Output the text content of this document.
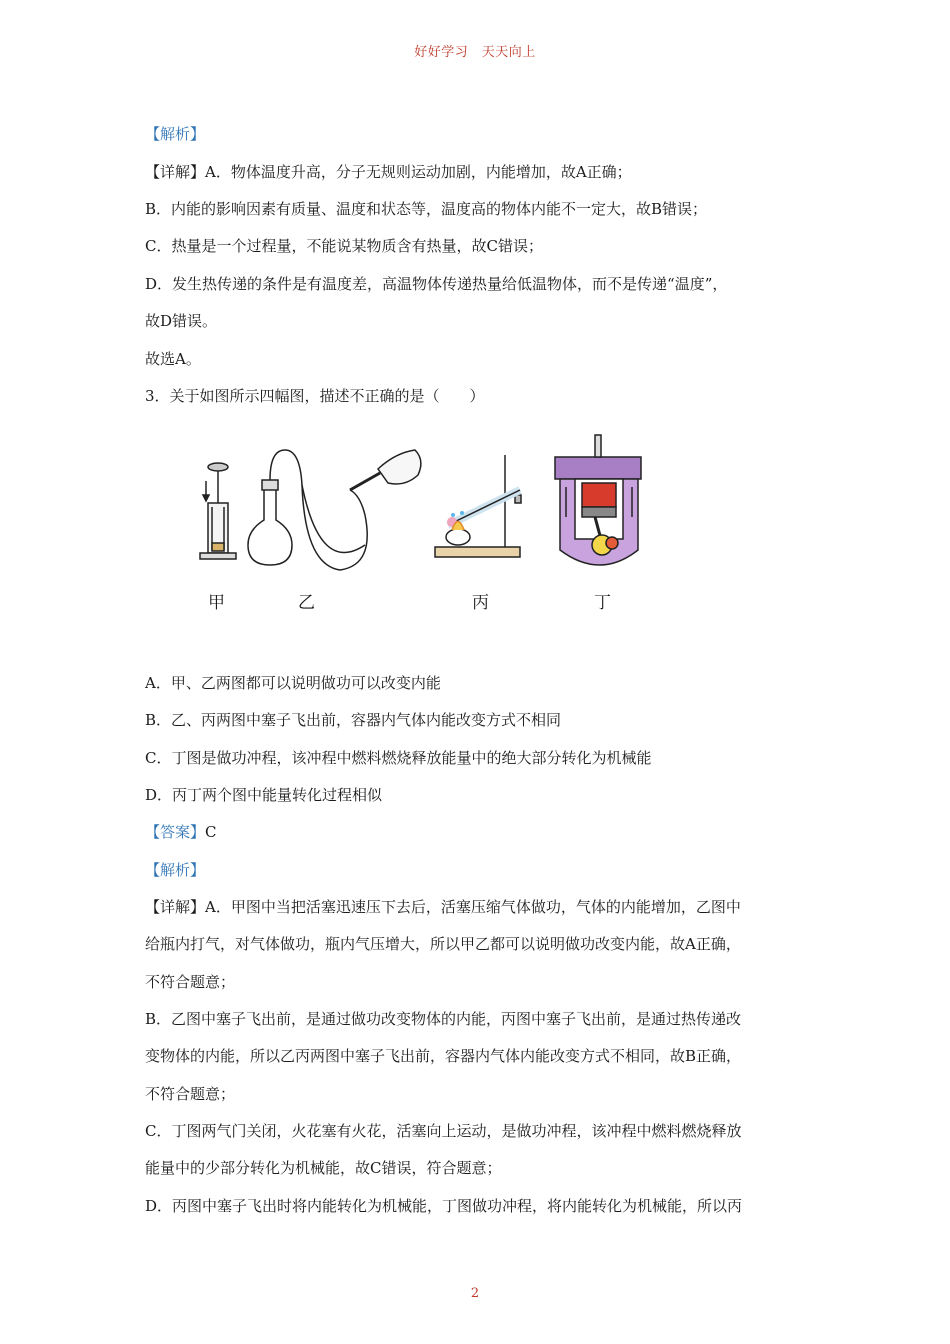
好好学习　天天向上
【解析】
【详解】A．物体温度升高，分子无规则运动加剧，内能增加，故A正确；
B．内能的影响因素有质量、温度和状态等，温度高的物体内能不一定大，故B错误；
C．热量是一个过程量，不能说某物质含有热量，故C错误；
D．发生热传递的条件是有温度差，高温物体传递热量给低温物体，而不是传递“温度”，
故D错误。
故选A。
3．关于如图所示四幅图，描述不正确的是（　　）
甲	乙	丙	丁
A．甲、乙两图都可以说明做功可以改变内能
B．乙、丙两图中塞子飞出前，容器内气体内能改变方式不相同
C．丁图是做功冲程，该冲程中燃料燃烧释放能量中的绝大部分转化为机械能
D．丙丁两个图中能量转化过程相似
【答案】C
【解析】
【详解】A．甲图中当把活塞迅速压下去后，活塞压缩气体做功，气体的内能增加，乙图中
给瓶内打气，对气体做功，瓶内气压增大，所以甲乙都可以说明做功改变内能，故A正确，
不符合题意；
B．乙图中塞子飞出前，是通过做功改变物体的内能，丙图中塞子飞出前，是通过热传递改
变物体的内能，所以乙丙两图中塞子飞出前，容器内气体内能改变方式不相同，故B正确，
不符合题意；
C．丁图两气门关闭，火花塞有火花，活塞向上运动，是做功冲程，该冲程中燃料燃烧释放
能量中的少部分转化为机械能，故C错误，符合题意；
D．丙图中塞子飞出时将内能转化为机械能，丁图做功冲程，将内能转化为机械能，所以丙
2
